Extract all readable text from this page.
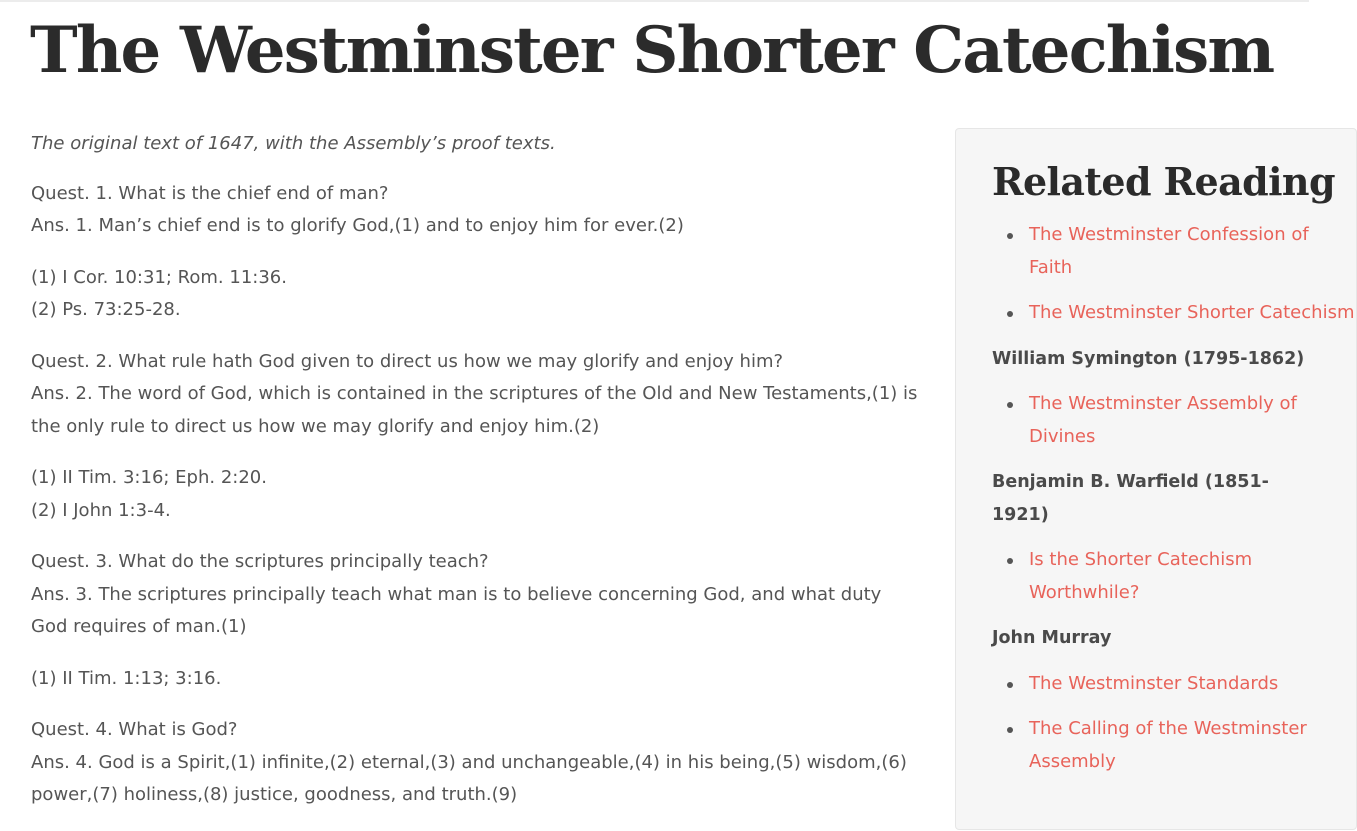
The Westminster Shorter Catechism

The original text of 1647, with the Assembly’s proof texts.

Quest. 1. What is the chief end of man?
Ans. 1. Man’s chief end is to glorify God,(1) and to enjoy him for ever.(2)

(1) I Cor. 10:31; Rom. 11:36.
(2) Ps. 73:25-28.

Quest. 2. What rule hath God given to direct us how we may glorify and enjoy him?
Ans. 2. The word of God, which is contained in the scriptures of the Old and New Testaments,(1) is the only rule to direct us how we may glorify and enjoy him.(2)

(1) II Tim. 3:16; Eph. 2:20.
(2) I John 1:3-4.

Quest. 3. What do the scriptures principally teach?
Ans. 3. The scriptures principally teach what man is to believe concerning God, and what duty God requires of man.(1)

(1) II Tim. 1:13; 3:16.

Quest. 4. What is God?
Ans. 4. God is a Spirit,(1) infinite,(2) eternal,(3) and unchangeable,(4) in his being,(5) wisdom,(6) power,(7) holiness,(8) justice, goodness, and truth.(9)

Related Reading
The Westminster Confession of Faith
The Westminster Shorter Catechism
William Symington (1795-1862)
The Westminster Assembly of Divines
Benjamin B. Warfield (1851-1921)
Is the Shorter Catechism Worthwhile?
John Murray
The Westminster Standards
The Calling of the Westminster Assembly
